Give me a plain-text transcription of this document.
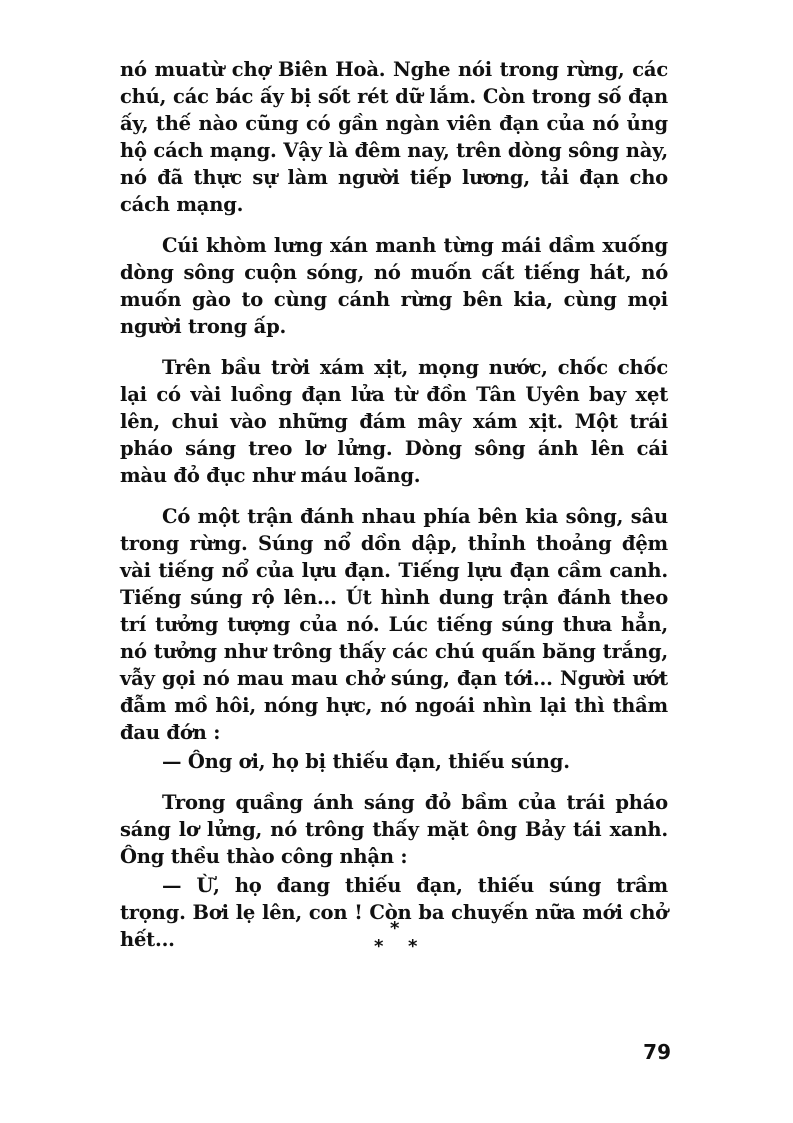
nó muatừ chợ Biên Hoà. Nghe nói trong rừng, các chú, các bác ấy bị sốt rét dữ lắm. Còn trong số đạn ấy, thế nào cũng có gần ngàn viên đạn của nó ủng hộ cách mạng. Vậy là đêm nay, trên dòng sông này, nó đã thực sự làm người tiếp lương, tải đạn cho cách mạng.

Cúi khòm lưng xán manh từng mái dầm xuống dòng sông cuộn sóng, nó muốn cất tiếng hát, nó muốn gào to cùng cánh rừng bên kia, cùng mọi người trong ấp.

Trên bầu trời xám xịt, mọng nước, chốc chốc lại có vài luồng đạn lửa từ đồn Tân Uyên bay xẹt lên, chui vào những đám mây xám xịt. Một trái pháo sáng treo lơ lửng. Dòng sông ánh lên cái màu đỏ đục như máu loãng.

Có một trận đánh nhau phía bên kia sông, sâu trong rừng. Súng nổ dồn dập, thỉnh thoảng đệm vài tiếng nổ của lựu đạn. Tiếng lựu đạn cầm canh. Tiếng súng rộ lên... Út hình dung trận đánh theo trí tưởng tượng của nó. Lúc tiếng súng thưa hẳn, nó tưởng như trông thấy các chú quấn băng trắng, vẫy gọi nó mau mau chở súng, đạn tới... Người ướt đẫm mồ hôi, nóng hực, nó ngoái nhìn lại thì thầm đau đớn :

— Ông ơi, họ bị thiếu đạn, thiếu súng.

Trong quầng ánh sáng đỏ bầm của trái pháo sáng lơ lửng, nó trông thấy mặt ông Bảy tái xanh. Ông thều thào công nhận :

— Ừ, họ đang thiếu đạn, thiếu súng trầm trọng. Bơi lẹ lên, con ! Còn ba chuyến nữa mới chở hết...	*
* *
79
